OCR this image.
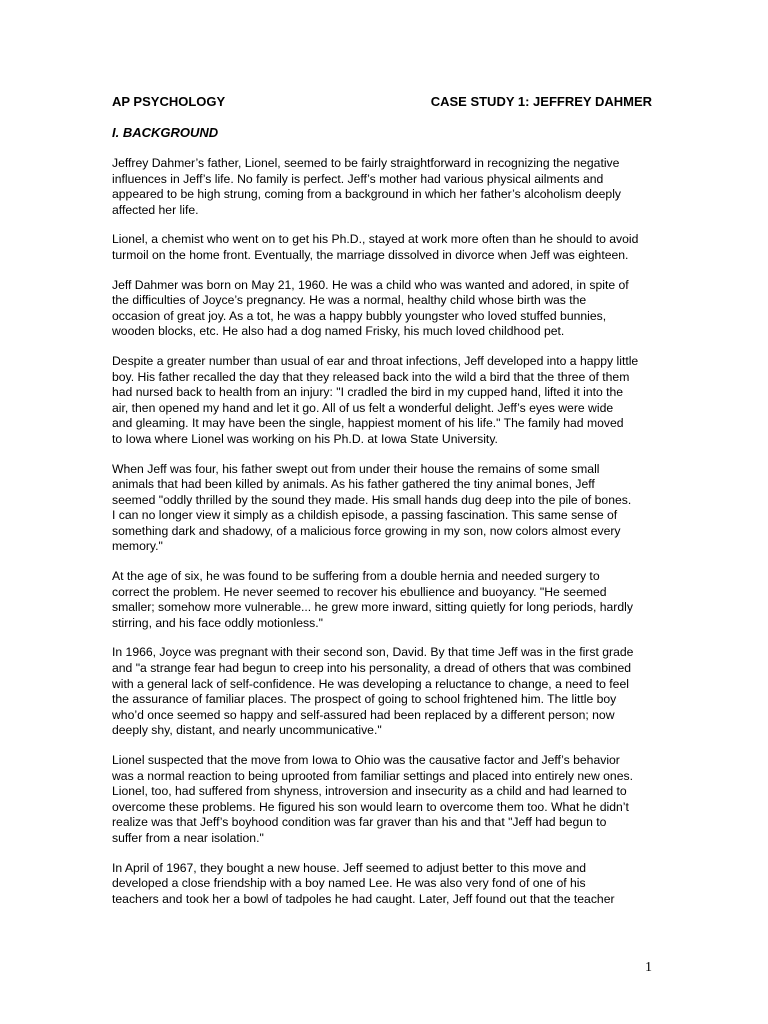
AP PSYCHOLOGY	CASE STUDY 1: JEFFREY DAHMER
I. BACKGROUND

Jeffrey Dahmer’s father, Lionel, seemed to be fairly straightforward in recognizing the negative
influences in Jeff’s life. No family is perfect. Jeff’s mother had various physical ailments and
appeared to be high strung, coming from a background in which her father’s alcoholism deeply
affected her life.

Lionel, a chemist who went on to get his Ph.D., stayed at work more often than he should to avoid
turmoil on the home front. Eventually, the marriage dissolved in divorce when Jeff was eighteen.

Jeff Dahmer was born on May 21, 1960. He was a child who was wanted and adored, in spite of
the difficulties of Joyce’s pregnancy. He was a normal, healthy child whose birth was the
occasion of great joy. As a tot, he was a happy bubbly youngster who loved stuffed bunnies,
wooden blocks, etc. He also had a dog named Frisky, his much loved childhood pet.

Despite a greater number than usual of ear and throat infections, Jeff developed into a happy little
boy. His father recalled the day that they released back into the wild a bird that the three of them
had nursed back to health from an injury: "I cradled the bird in my cupped hand, lifted it into the
air, then opened my hand and let it go. All of us felt a wonderful delight. Jeff’s eyes were wide
and gleaming. It may have been the single, happiest moment of his life." The family had moved
to Iowa where Lionel was working on his Ph.D. at Iowa State University.

When Jeff was four, his father swept out from under their house the remains of some small
animals that had been killed by animals. As his father gathered the tiny animal bones, Jeff
seemed "oddly thrilled by the sound they made. His small hands dug deep into the pile of bones.
I can no longer view it simply as a childish episode, a passing fascination. This same sense of
something dark and shadowy, of a malicious force growing in my son, now colors almost every
memory."

At the age of six, he was found to be suffering from a double hernia and needed surgery to
correct the problem. He never seemed to recover his ebullience and buoyancy. "He seemed
smaller; somehow more vulnerable... he grew more inward, sitting quietly for long periods, hardly
stirring, and his face oddly motionless."

In 1966, Joyce was pregnant with their second son, David. By that time Jeff was in the first grade
and "a strange fear had begun to creep into his personality, a dread of others that was combined
with a general lack of self-confidence. He was developing a reluctance to change, a need to feel
the assurance of familiar places. The prospect of going to school frightened him. The little boy
who’d once seemed so happy and self-assured had been replaced by a different person; now
deeply shy, distant, and nearly uncommunicative."

Lionel suspected that the move from Iowa to Ohio was the causative factor and Jeff’s behavior
was a normal reaction to being uprooted from familiar settings and placed into entirely new ones.
Lionel, too, had suffered from shyness, introversion and insecurity as a child and had learned to
overcome these problems. He figured his son would learn to overcome them too. What he didn’t
realize was that Jeff’s boyhood condition was far graver than his and that "Jeff had begun to
suffer from a near isolation."

In April of 1967, they bought a new house. Jeff seemed to adjust better to this move and
developed a close friendship with a boy named Lee. He was also very fond of one of his
teachers and took her a bowl of tadpoles he had caught. Later, Jeff found out that the teacher

1
